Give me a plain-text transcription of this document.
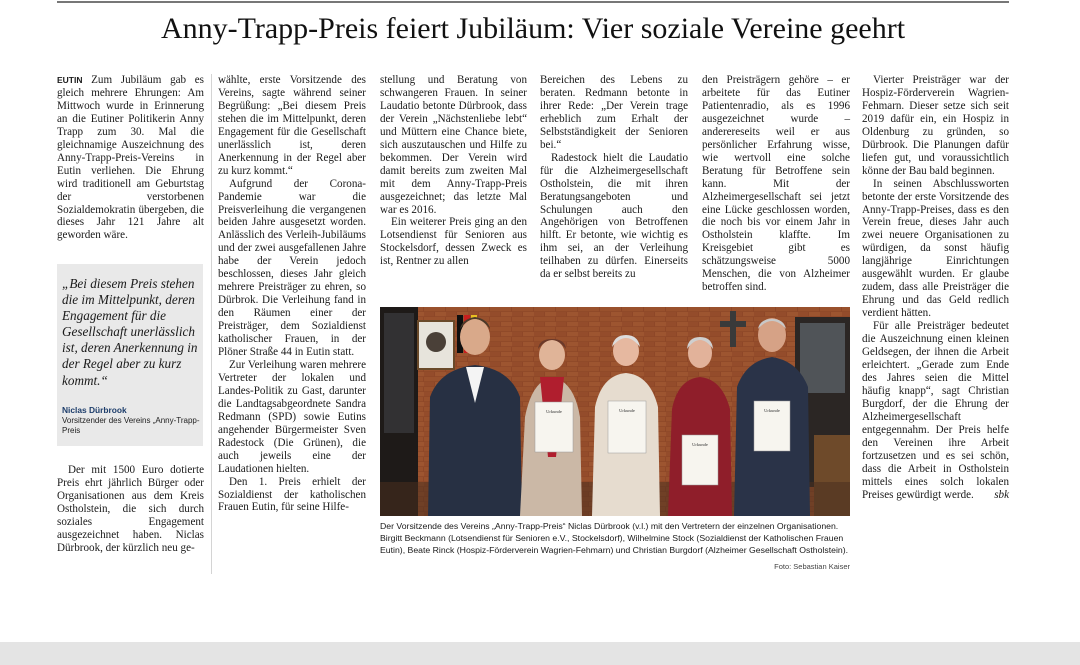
Anny-Trapp-Preis feiert Jubiläum: Vier soziale Vereine geehrt

EUTIN Zum Jubiläum gab es gleich mehrere Ehrungen: Am Mittwoch wurde in Erinnerung an die Eutiner Politikerin Anny Trapp zum 30. Mal die gleichnamige Auszeichnung des Anny-Trapp-Preis-Vereins in Eutin verliehen. Die Ehrung wird traditionell am Geburtstag der verstorbenen Sozialdemokratin übergeben, die dieses Jahr 121 Jahre alt geworden wäre.

„Bei diesem Preis stehen die im Mittelpunkt, deren Engagement für die Gesellschaft unerlässlich ist, deren Anerkennung in der Regel aber zu kurz kommt.“
Niclas Dürbrook
Vorsitzender des Vereins „Anny-Trapp-Preis

Der mit 1500 Euro dotierte Preis ehrt jährlich Bürger oder Organisationen aus dem Kreis Ostholstein, die sich durch soziales Engagement ausgezeichnet haben. Niclas Dürbrook, der kürzlich neu ge-

wählte, erste Vorsitzende des Vereins, sagte während seiner Begrüßung: „Bei diesem Preis stehen die im Mittelpunkt, deren Engagement für die Gesellschaft unerlässlich ist, deren Anerkennung in der Regel aber zu kurz kommt.“

Aufgrund der Corona-Pandemie war die Preisverleihung die vergangenen beiden Jahre ausgesetzt worden. Anlässlich des Verleih-Jubiläums und der zwei ausgefallenen Jahre habe der Verein jedoch beschlossen, dieses Jahr gleich mehrere Preisträger zu ehren, so Dürbrok. Die Verleihung fand in den Räumen einer der Preisträger, dem Sozialdienst katholischer Frauen, in der Plöner Straße 44 in Eutin statt.

Zur Verleihung waren mehrere Vertreter der lokalen und Landes-Politik zu Gast, darunter die Landtagsabgeordnete Sandra Redmann (SPD) sowie Eutins angehender Bürgermeister Sven Radestock (Die Grünen), die auch jeweils eine der Laudationen hielten.

Den 1. Preis erhielt der Sozialdienst der katholischen Frauen Eutin, für seine Hilfe-

stellung und Beratung von schwangeren Frauen. In seiner Laudatio betonte Dürbrook, dass der Verein „Nächstenliebe lebt“ und Müttern eine Chance biete, sich auszutauschen und Hilfe zu bekommen. Der Verein wird damit bereits zum zweiten Mal mit dem Anny-Trapp-Preis ausgezeichnet; das letzte Mal war es 2016.

Ein weiterer Preis ging an den Lotsendienst für Senioren aus Stockelsdorf, dessen Zweck es ist, Rentner zu allen

Bereichen des Lebens zu beraten. Redmann betonte in ihrer Rede: „Der Verein trage erheblich zum Erhalt der Selbstständigkeit der Senioren bei.“

Radestock hielt die Laudatio für die Alzheimergesellschaft Ostholstein, die mit ihren Beratungsangeboten und Schulungen auch den Angehörigen von Betroffenen hilft. Er betonte, wie wichtig es ihm sei, an der Verleihung teilhaben zu dürfen. Einerseits da er selbst bereits zu

den Preisträgern gehöre – er arbeitete für das Eutiner Patientenradio, als es 1996 ausgezeichnet wurde – anderereseits weil er aus persönlicher Erfahrung wisse, wie wertvoll eine solche Beratung für Betroffene sein kann. Mit der Alzheimergesellschaft sei jetzt eine Lücke geschlossen worden, die noch bis vor einem Jahr in Ostholstein klaffte. Im Kreisgebiet gibt es schätzungsweise 5000 Menschen, die von Alzheimer betroffen sind.

Vierter Preisträger war der Hospiz-Förderverein Wagrien-Fehmarn. Dieser setze sich seit 2019 dafür ein, ein Hospiz in Oldenburg zu gründen, so Dürbrook. Die Planungen dafür liefen gut, und voraussichtlich könne der Bau bald beginnen.

In seinen Abschlussworten betonte der erste Vorsitzende des Anny-Trapp-Preises, dass es den Verein freue, dieses Jahr auch zwei neuere Organisationen zu würdigen, da sonst häufig langjährige Einrichtungen ausgewählt wurden. Er glaube zudem, dass alle Preisträger die Ehrung und das Geld redlich verdient hätten.

Für alle Preisträger bedeutet die Auszeichnung einen kleinen Geldsegen, der ihnen die Arbeit erleichtert. „Gerade zum Ende des Jahres seien die Mittel häufig knapp“, sagt Christian Burgdorf, der die Ehrung der Alzheimergesellschaft entgegennahm. Der Preis helfe den Vereinen ihre Arbeit fortzusetzen und es sei schön, dass die Arbeit in Ostholstein mittels eines solch lokalen Preises gewürdigt werde.	sbk

Urkunde	Urkunde
Urkunde
Urkunde
Der Vorsitzende des Vereins „Anny-Trapp-Preis“ Niclas Dürbrook (v.l.) mit den Vertretern der einzelnen Organisationen. Birgitt Beckmann (Lotsendienst für Senioren e.V., Stockelsdorf), Wilhelmine Stock (Sozialdienst der Katholischen Frauen Eutin), Beate Rinck (Hospiz-Förderverein Wagrien-Fehmarn) und Christian Burgdorf (Alzheimer Gesellschaft Ostholstein).
Foto: Sebastian Kaiser
